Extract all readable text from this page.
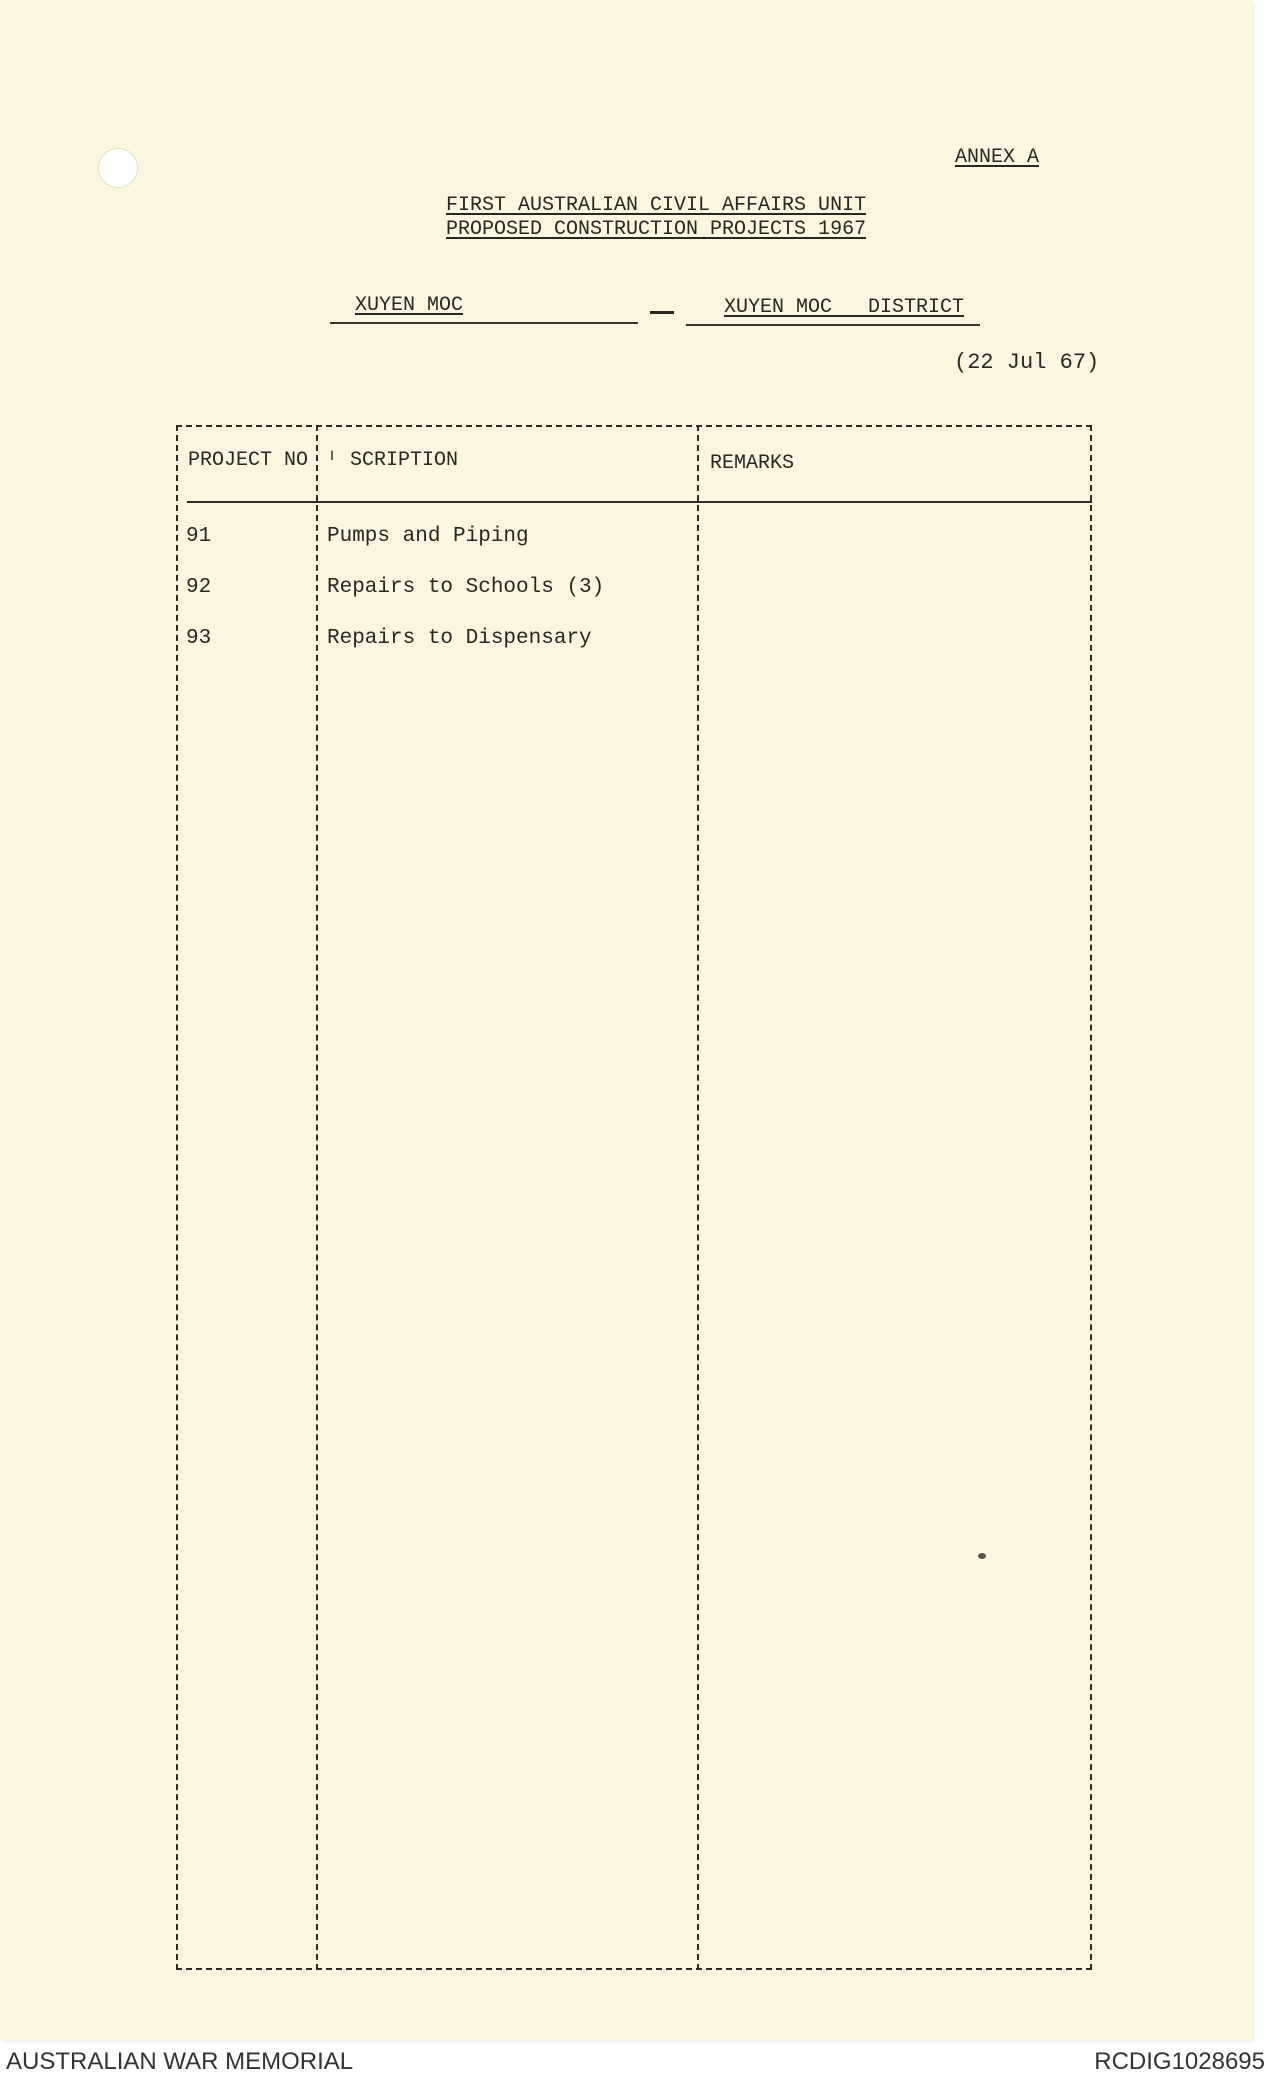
ANNEX A
FIRST AUSTRALIAN CIVIL AFFAIRS UNIT
PROPOSED CONSTRUCTION PROJECTS 1967
XUYEN MOC	XUYEN MOC   DISTRICT
(22 Jul 67)
PROJECT NO ᴵ SCRIPTION	REMARKS
91	Pumps and Piping
92	Repairs to Schools (3)
93	Repairs to Dispensary
AUSTRALIAN WAR MEMORIAL	RCDIG1028695
